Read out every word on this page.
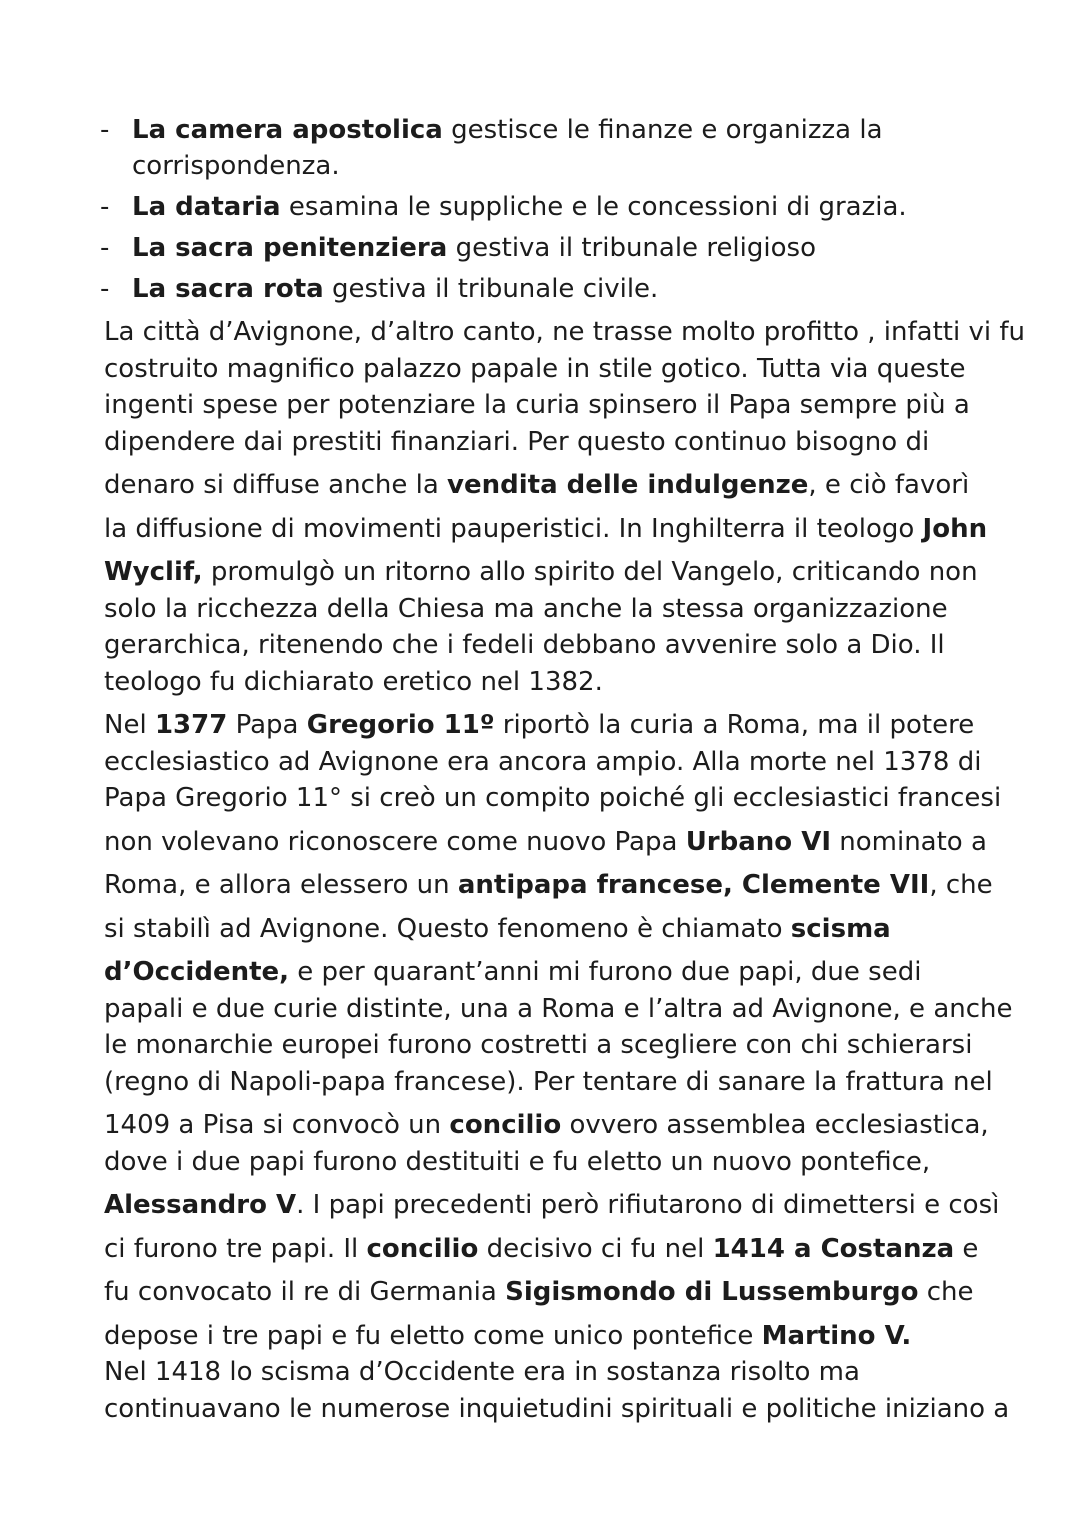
- La camera apostolica gestisce le finanze e organizza la corrispondenza.
- La dataria esamina le suppliche e le concessioni di grazia.
- La sacra penitenziera gestiva il tribunale religioso
- La sacra rota gestiva il tribunale civile.
La città d’Avignone, d’altro canto, ne trasse molto profitto , infatti vi fu
costruito magnifico palazzo papale in stile gotico. Tutta via queste
ingenti spese per potenziare la curia spinsero il Papa sempre più a
dipendere dai prestiti finanziari. Per questo continuo bisogno di
denaro si diffuse anche la vendita delle indulgenze, e ciò favorì
la diffusione di movimenti pauperistici. In Inghilterra il teologo John
Wyclif, promulgò un ritorno allo spirito del Vangelo, criticando non
solo la ricchezza della Chiesa ma anche la stessa organizzazione
gerarchica, ritenendo che i fedeli debbano avvenire solo a Dio. Il
teologo fu dichiarato eretico nel 1382.
Nel 1377 Papa Gregorio 11º riportò la curia a Roma, ma il potere
ecclesiastico ad Avignone era ancora ampio. Alla morte nel 1378 di
Papa Gregorio 11° si creò un compito poiché gli ecclesiastici francesi
non volevano riconoscere come nuovo Papa Urbano VI nominato a
Roma, e allora elessero un antipapa francese, Clemente VII, che
si stabilì ad Avignone. Questo fenomeno è chiamato scisma
d’Occidente, e per quarant’anni mi furono due papi, due sedi
papali e due curie distinte, una a Roma e l’altra ad Avignone, e anche
le monarchie europei furono costretti a scegliere con chi schierarsi
(regno di Napoli-papa francese). Per tentare di sanare la frattura nel
1409 a Pisa si convocò un concilio ovvero assemblea ecclesiastica,
dove i due papi furono destituiti e fu eletto un nuovo pontefice,
Alessandro V. I papi precedenti però rifiutarono di dimettersi e così
ci furono tre papi. Il concilio decisivo ci fu nel 1414 a Costanza e
fu convocato il re di Germania Sigismondo di Lussemburgo che
depose i tre papi e fu eletto come unico pontefice Martino V.
Nel 1418 lo scisma d’Occidente era in sostanza risolto ma
continuavano le numerose inquietudini spirituali e politiche iniziano a
